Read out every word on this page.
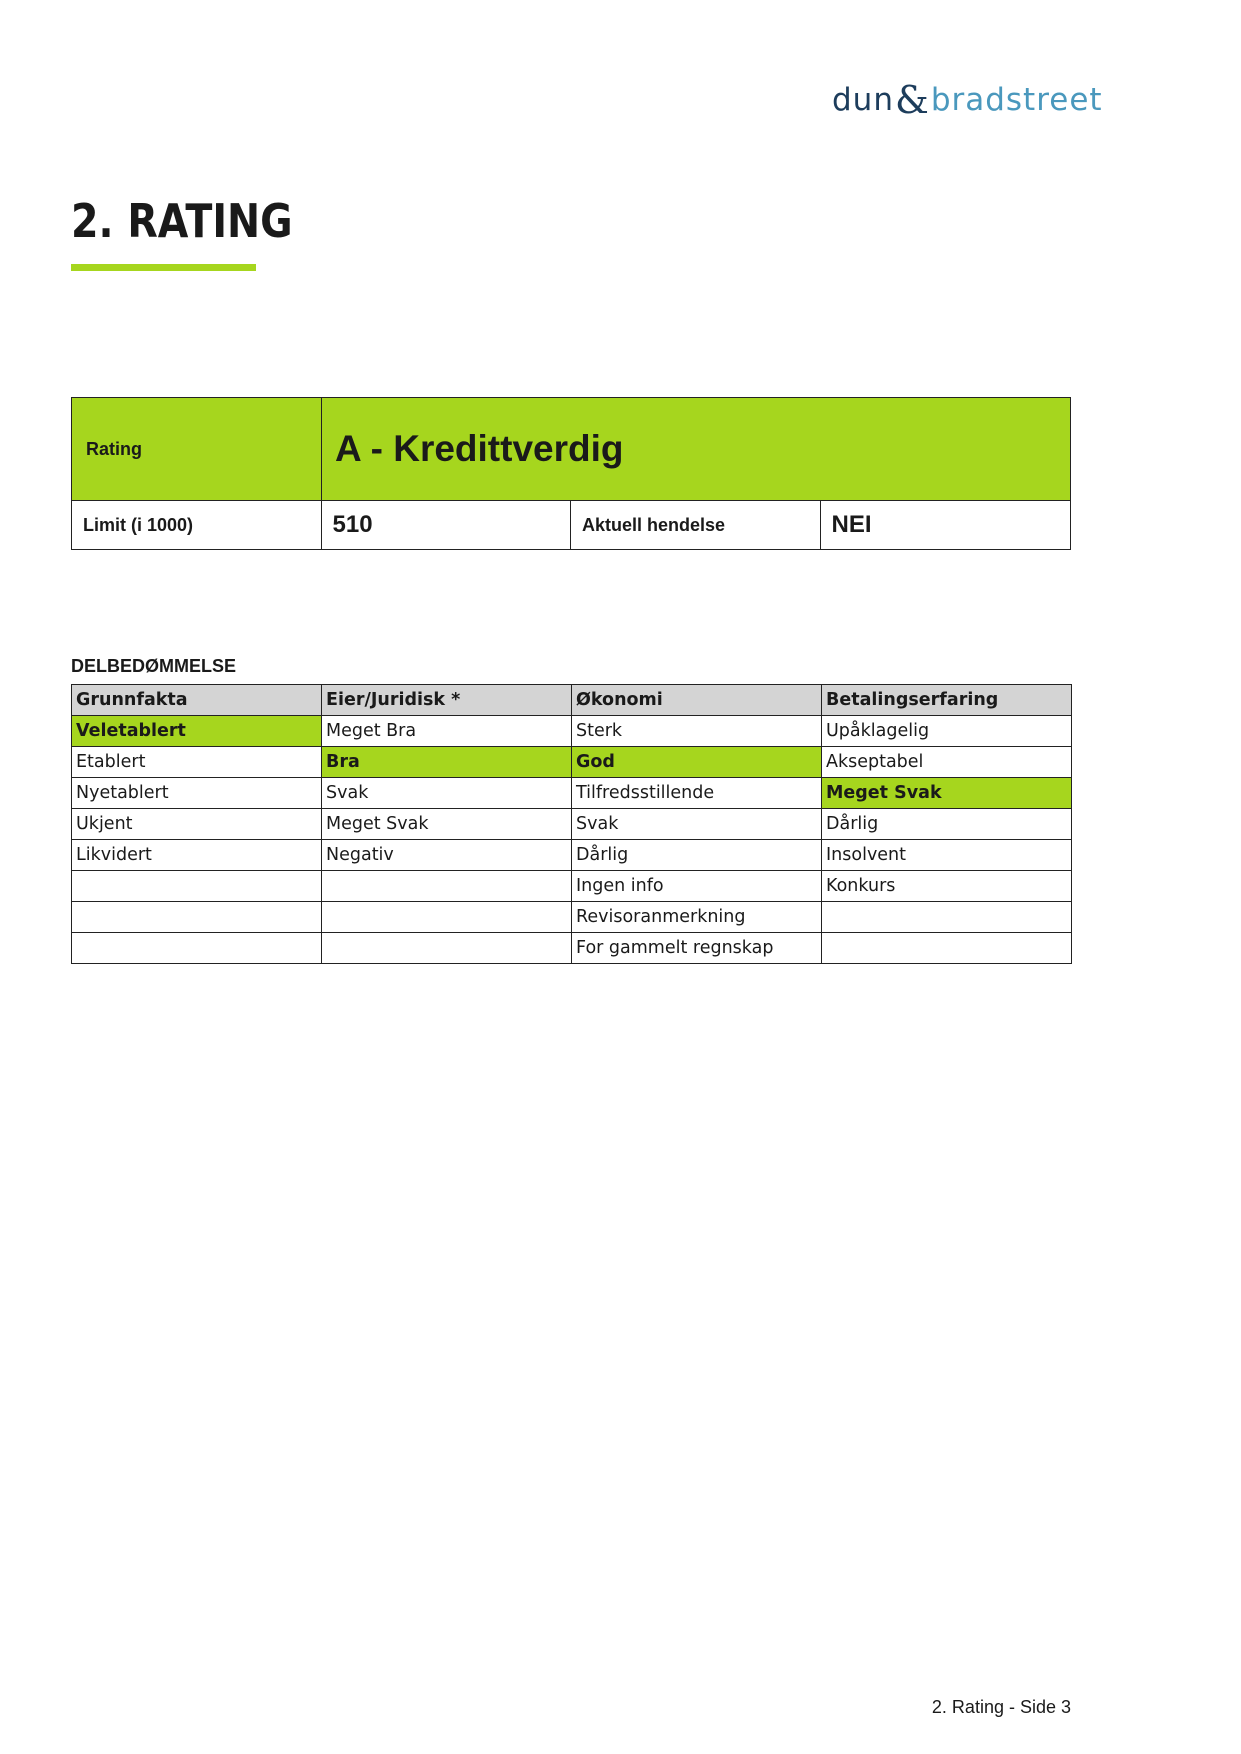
dun & bradstreet
2. RATING
Rating	A - Kredittverdig
Limit (i 1000)	510	Aktuell hendelse	NEI
DELBEDØMMELSE
Grunnfakta	Eier/Juridisk *	Økonomi	Betalingserfaring
Veletablert	Meget Bra	Sterk	Upåklagelig
Etablert	Bra	God	Akseptabel
Nyetablert	Svak	Tilfredsstillende	Meget Svak
Ukjent	Meget Svak	Svak	Dårlig
Likvidert	Negativ	Dårlig	Insolvent
		Ingen info	Konkurs
		Revisoranmerkning	
		For gammelt regnskap	
2. Rating - Side 3
